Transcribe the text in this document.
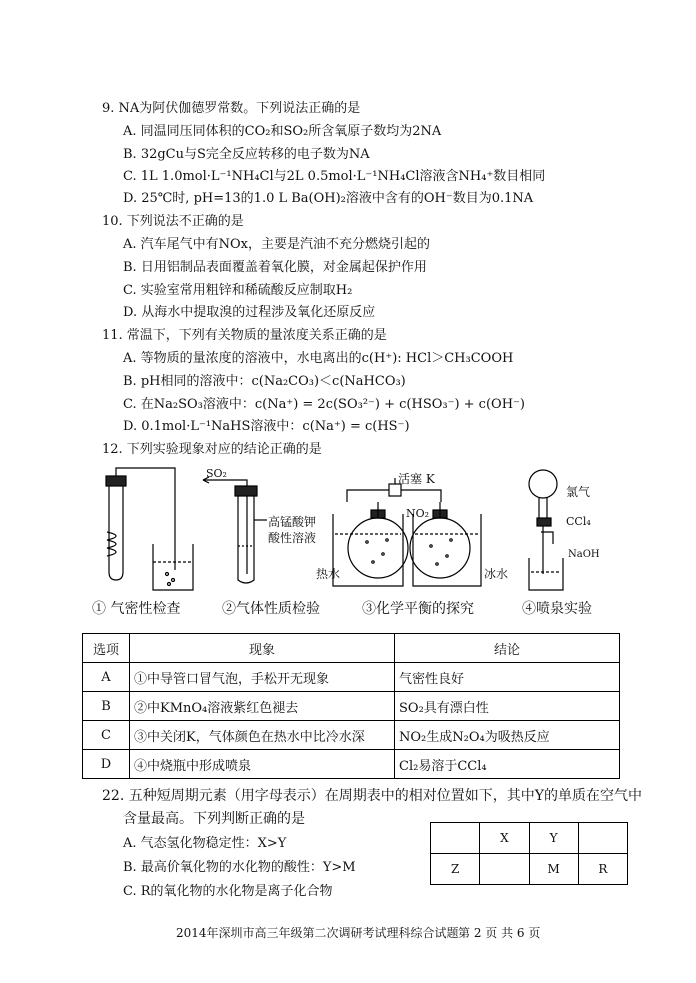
9. NA为阿伏伽德罗常数。下列说法正确的是
A. 同温同压同体积的CO₂和SO₂所含氧原子数均为2NA
B. 32gCu与S完全反应转移的电子数为NA
C. 1L 1.0mol·L⁻¹NH₄Cl与2L 0.5mol·L⁻¹NH₄Cl溶液含NH₄⁺数目相同
D. 25℃时, pH=13的1.0 L Ba(OH)₂溶液中含有的OH⁻数目为0.1NA
10. 下列说法不正确的是
A. 汽车尾气中有NOx，主要是汽油不充分燃烧引起的
B. 日用铝制品表面覆盖着氧化膜，对金属起保护作用
C. 实验室常用粗锌和稀硫酸反应制取H₂
D. 从海水中提取溴的过程涉及氧化还原反应
11. 常温下，下列有关物质的量浓度关系正确的是
A. 等物质的量浓度的溶液中，水电离出的c(H⁺): HCl＞CH₃COOH
B. pH相同的溶液中：c(Na₂CO₃)＜c(NaHCO₃)
C. 在Na₂SO₃溶液中：c(Na⁺) = 2c(SO₃²⁻) + c(HSO₃⁻) + c(OH⁻)
D. 0.1mol·L⁻¹NaHS溶液中：c(Na⁺) = c(HS⁻)
12. 下列实验现象对应的结论正确的是
SO₂
高锰酸钾
酸性溶液
活塞 K
NO₂
热水	冰水
氯气
CCl₄
NaOH
① 气密性检查	②气体性质检验	③化学平衡的探究	④喷泉实验
选项	现象	结论
A	①中导管口冒气泡，手松开无现象	气密性良好
B	②中KMnO₄溶液紫红色褪去	SO₂具有漂白性
C	③中关闭K，气体颜色在热水中比冷水深	NO₂生成N₂O₄为吸热反应
D	④中烧瓶中形成喷泉	Cl₂易溶于CCl₄
22. 五种短周期元素（用字母表示）在周期表中的相对位置如下，其中Y的单质在空气中
含量最高。下列判断正确的是
A. 气态氢化物稳定性：X>Y
B. 最高价氧化物的水化物的酸性：Y>M
C. R的氧化物的水化物是离子化合物
	X	Y	
Z		M	R
2014年深圳市高三年级第二次调研考试理科综合试题 第 2 页 共 6 页
